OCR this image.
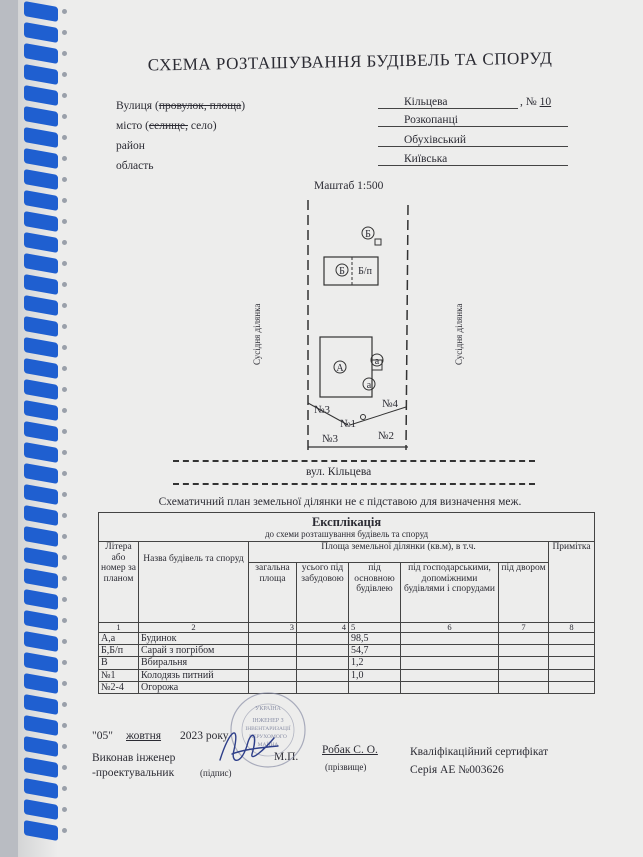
СХЕМА РОЗТАШУВАННЯ БУДІВЕЛЬ ТА СПОРУД
Вулиця (провулок, площа)	Кільцева	, № 10
місто (селище, село)	Розкопанці
район	Обухівський
область
Київська
Маштаб 1:500
А
а
а
Б Б/п
Б
№3
№3
№1
№2
№4
Сусідня ділянка	Сусідня ділянка
вул. Кільцева
Схематичний план земельної ділянки не є підставою для визначення меж.
Експлікація
до схеми розташування будівель та споруд							

Літера або номер за планом	Назва будівель та споруд	Площа земельної ділянки (кв.м), в т.ч.					Примітка
		загальна площа	усього під забудовою	під основною будівлею	під господарськими, допоміжними будівлями і спорудами	під двором	
1	2	3	4	5	6	7	8
А,а	Будинок			98,5			
Б,Б/п	Сарай з погрібом			54,7			
В	Вбиральня			1,2			
№1	Колодязь питний			1,0			
№2-4	Огорожа						
"05" жовтня 2023 року
Виконав інженер
-проектувальник	(підпис)
М.П.
Робак С. О.
(прізвище)
Кваліфікаційний сертифікат
Серія АЕ №003626
УКРАЇНА
ІНЖЕНЕР З
ІНВЕНТАРИЗАЦІЇ
НЕРУХОМОГО
МАЙНА
